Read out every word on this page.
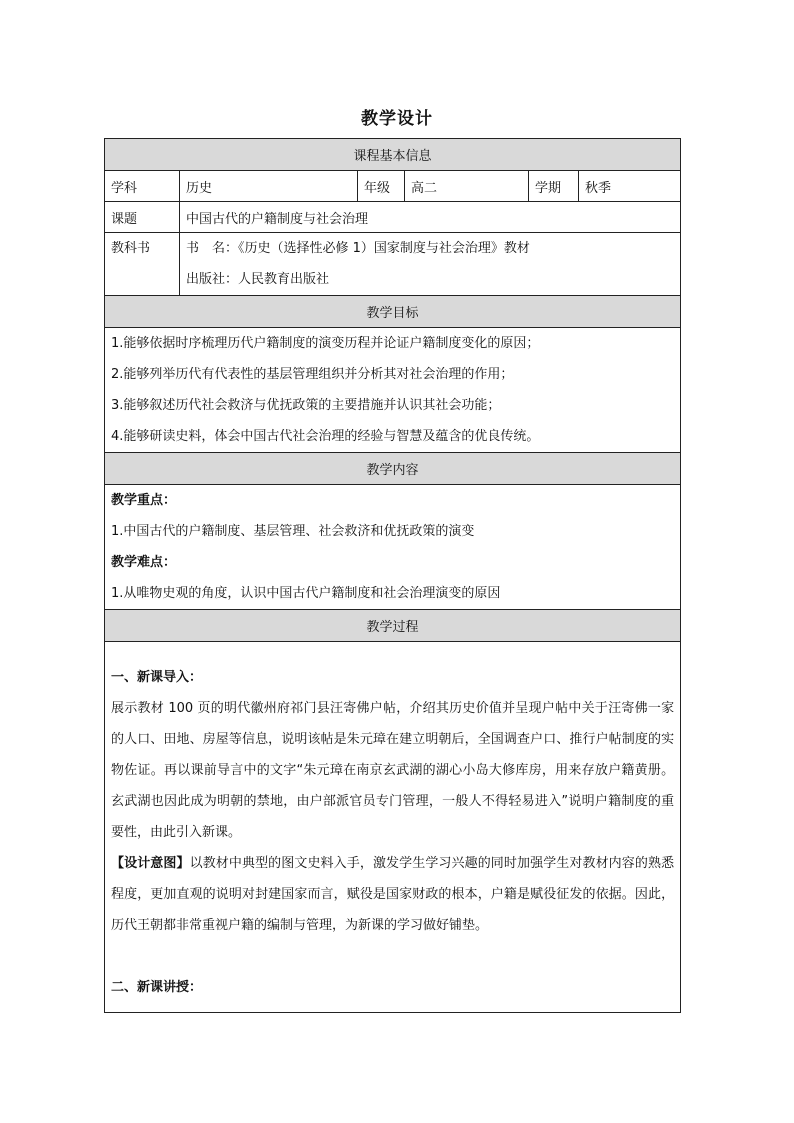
教学设计
课程基本信息					
学科	历史	年级	高二	学期	秋季
课题	中国古代的户籍制度与社会治理				
教科书	书　名：《历史（选择性必修 1）国家制度与社会治理》教材
出版社：人民教育出版社				

教学目标					

1.能够依据时序梳理历代户籍制度的演变历程并论证户籍制度变化的原因；
2.能够列举历代有代表性的基层管理组织并分析其对社会治理的作用；
3.能够叙述历代社会救济与优抚政策的主要措施并认识其社会功能；
4.能够研读史料，体会中国古代社会治理的经验与智慧及蕴含的优良传统。					

教学内容					

教学重点：
1.中国古代的户籍制度、基层管理、社会救济和优抚政策的演变
教学难点：
1.从唯物史观的角度，认识中国古代户籍制度和社会治理演变的原因					

教学过程					

一、新课导入：

展示教材 100 页的明代徽州府祁门县汪寄佛户帖，介绍其历史价值并呈现户帖中关于汪寄佛一家的人口、田地、房屋等信息，说明该帖是朱元璋在建立明朝后，全国调查户口、推行户帖制度的实物佐证。再以课前导言中的文字“朱元璋在南京玄武湖的湖心小岛大修库房，用来存放户籍黄册。玄武湖也因此成为明朝的禁地，由户部派官员专门管理，一般人不得轻易进入”说明户籍制度的重要性，由此引入新课。

【设计意图】以教材中典型的图文史料入手，激发学生学习兴趣的同时加强学生对教材内容的熟悉程度，更加直观的说明对封建国家而言，赋役是国家财政的根本，户籍是赋役征发的依据。因此，历代王朝都非常重视户籍的编制与管理，为新课的学习做好铺垫。

二、新课讲授：					
